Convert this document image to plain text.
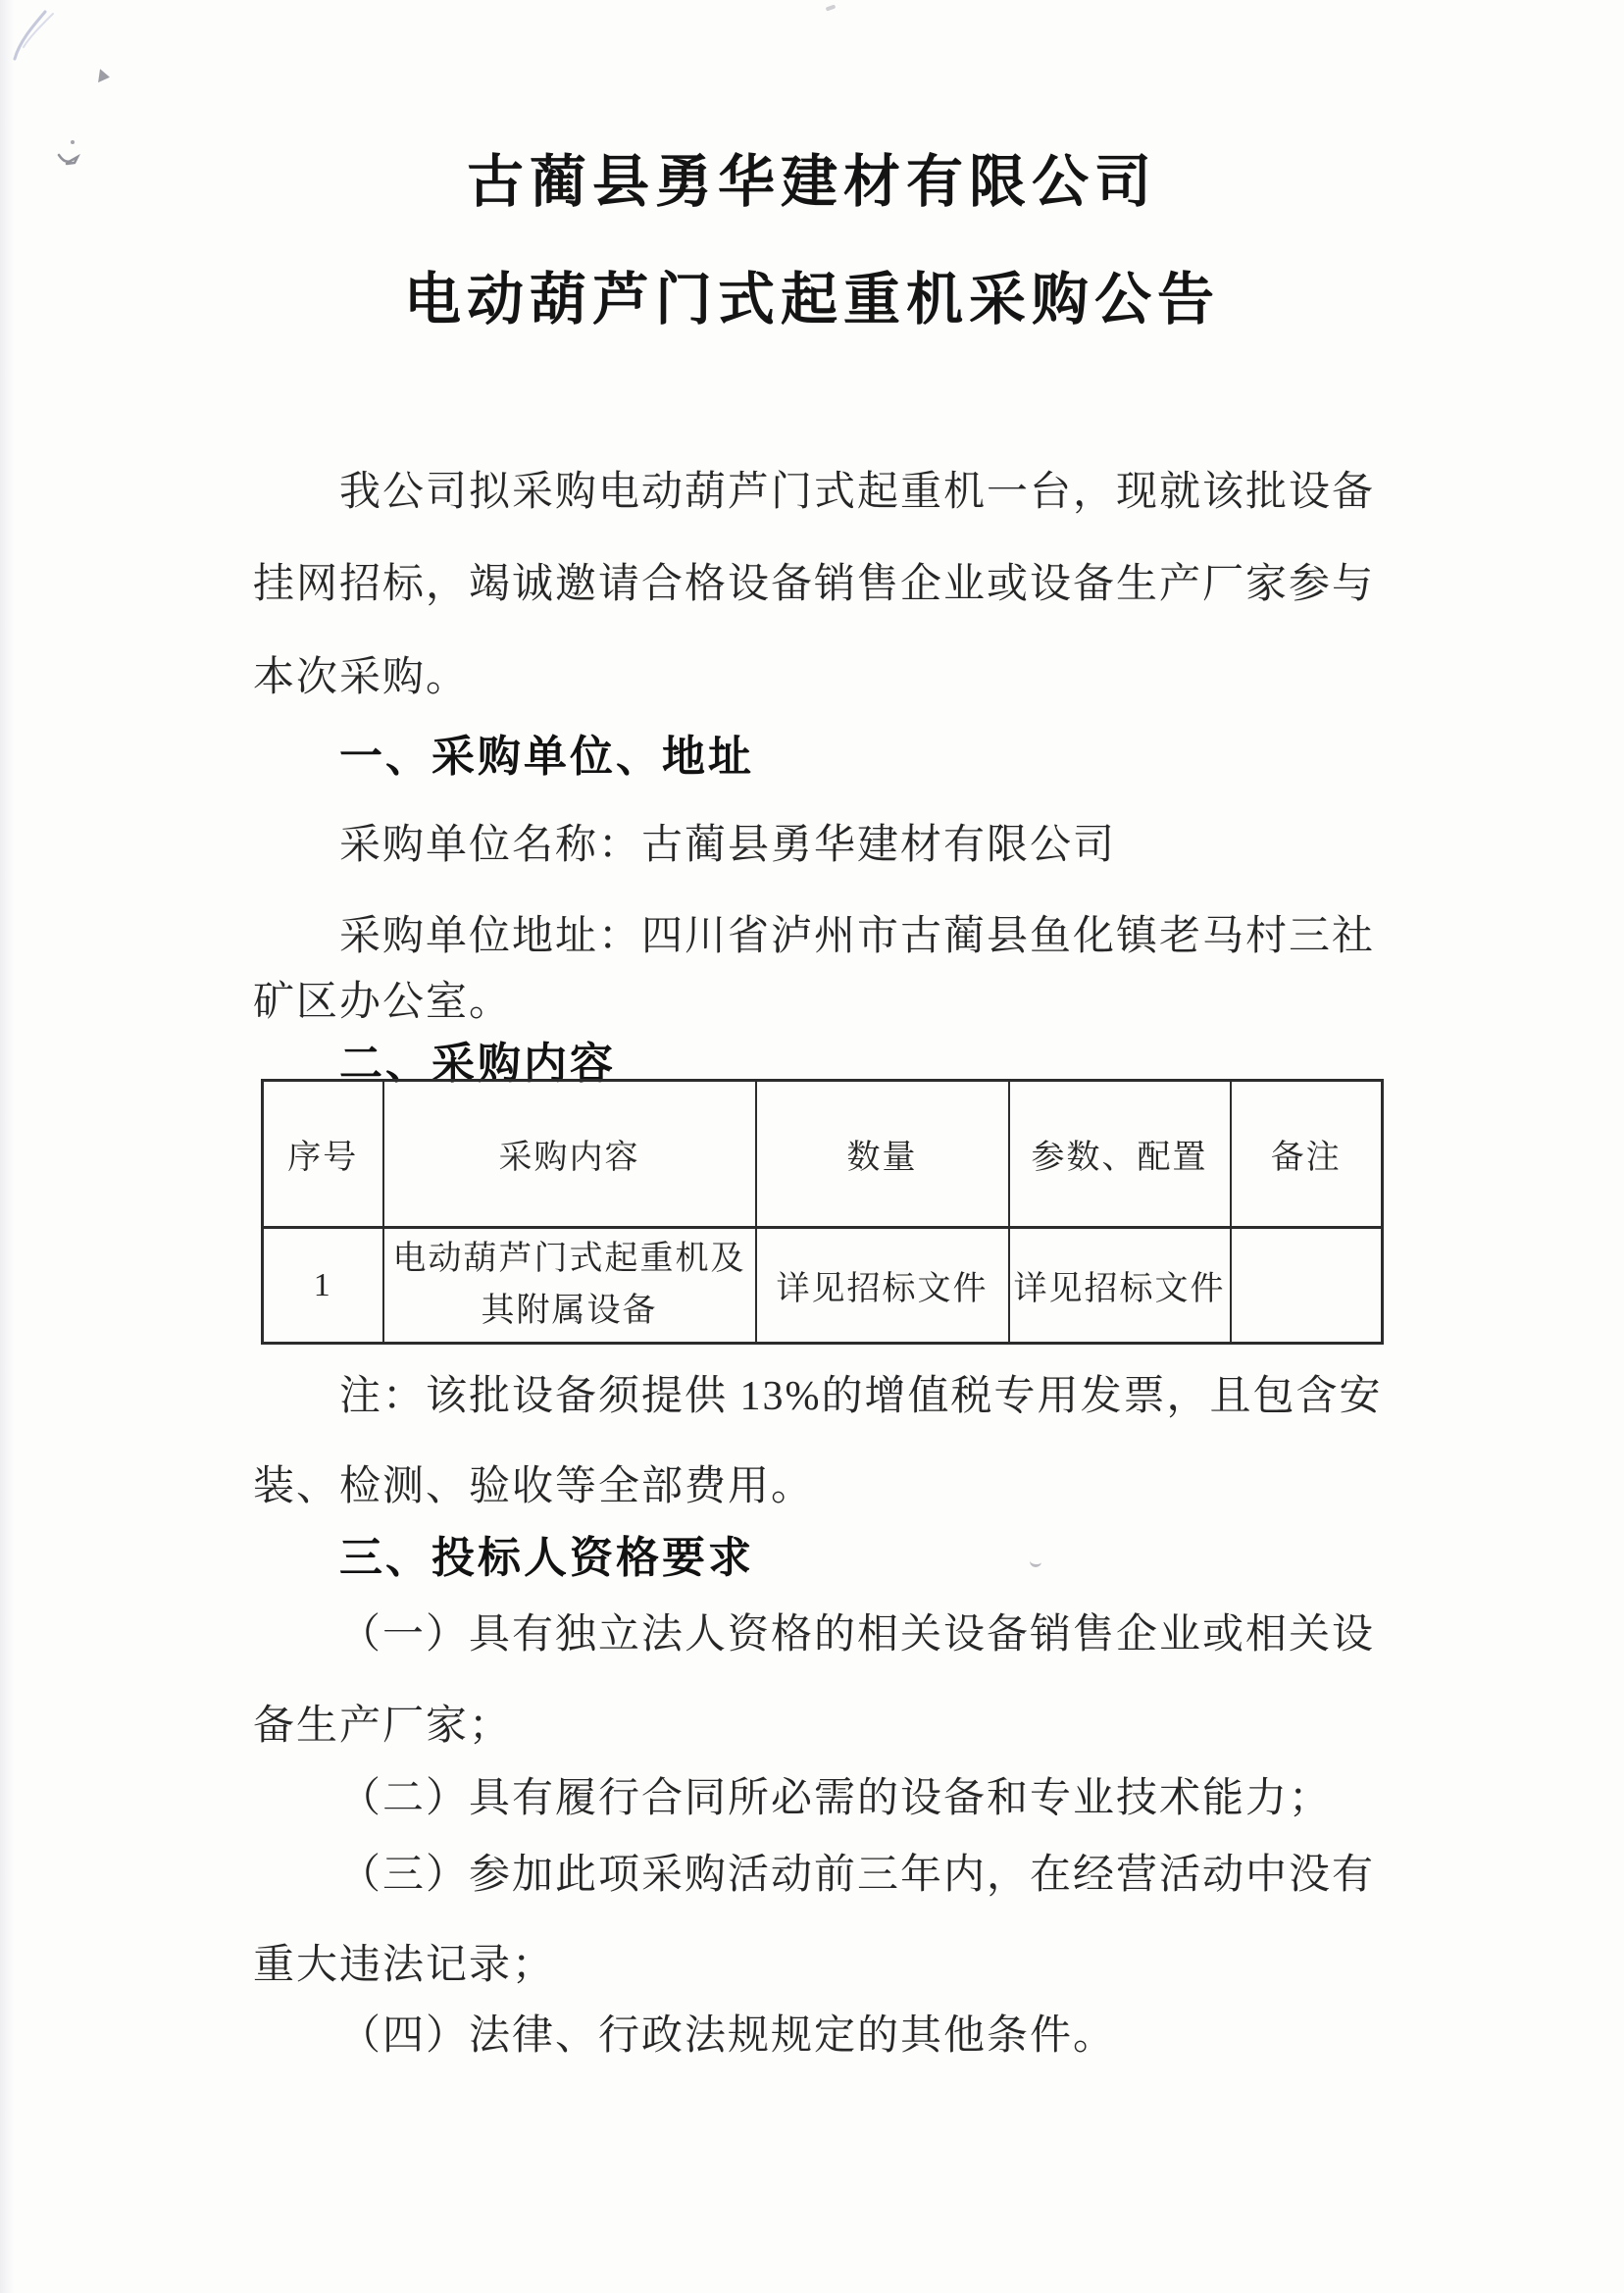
古蔺县勇华建材有限公司
电动葫芦门式起重机采购公告
我公司拟采购电动葫芦门式起重机一台，现就该批设备
挂网招标，竭诚邀请合格设备销售企业或设备生产厂家参与
本次采购。
一、采购单位、地址
采购单位名称：古蔺县勇华建材有限公司
采购单位地址：四川省泸州市古蔺县鱼化镇老马村三社
矿区办公室。
二、采购内容
序号	采购内容	数量	参数、配置	备注
1	电动葫芦门式起重机及其附属设备	详见招标文件	详见招标文件	
注：该批设备须提供 13%的增值税专用发票，且包含安
装、检测、验收等全部费用。
三、投标人资格要求
（一）具有独立法人资格的相关设备销售企业或相关设
备生产厂家；
（二）具有履行合同所必需的设备和专业技术能力；
（三）参加此项采购活动前三年内，在经营活动中没有
重大违法记录；
（四）法律、行政法规规定的其他条件。
